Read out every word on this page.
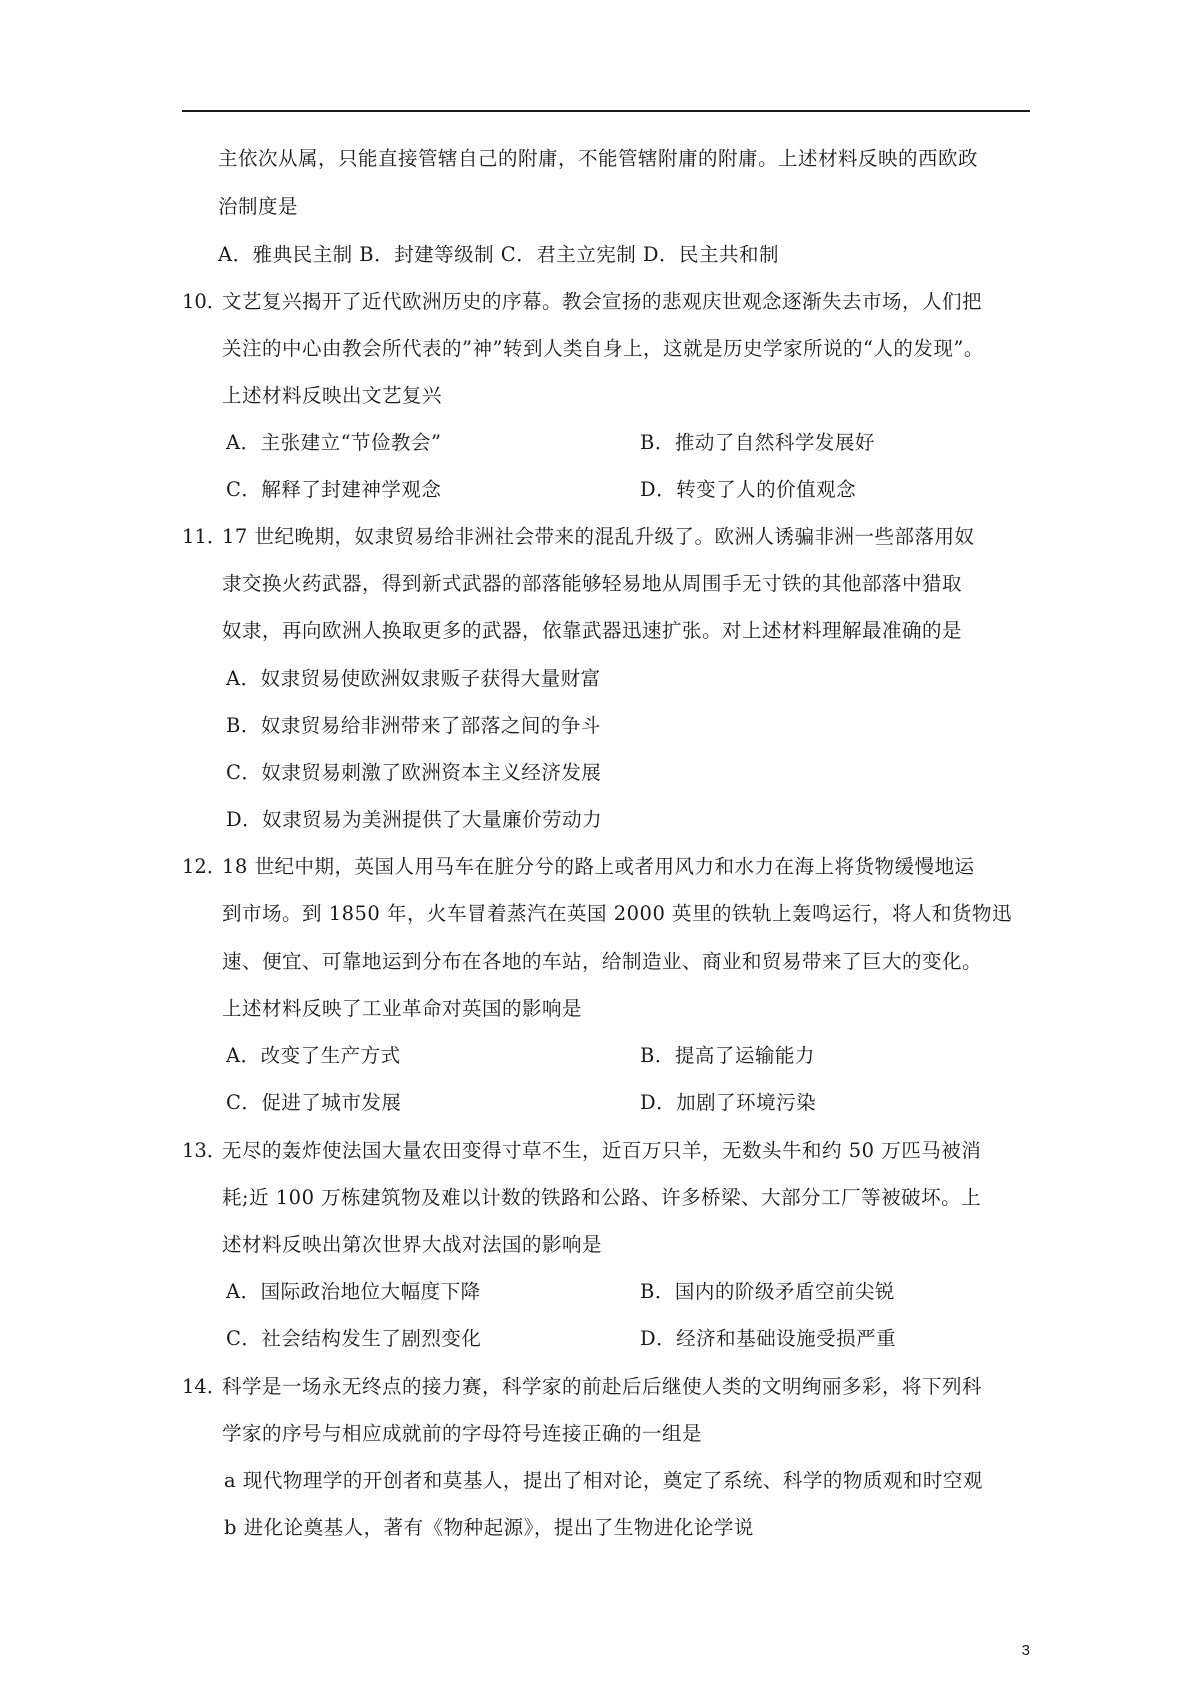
主依次从属，只能直接管辖自己的附庸，不能管辖附庸的附庸。上述材料反映的西欧政
治制度是
A．雅典民主制 B．封建等级制 C．君主立宪制 D．民主共和制
10．
文艺复兴揭开了近代欧洲历史的序幕。教会宣扬的悲观庆世观念逐渐失去市场，人们把
关注的中心由教会所代表的”神”转到人类自身上，这就是历史学家所说的“人的发现”。
上述材料反映出文艺复兴
A．主张建立“节俭教会”	B．推动了自然科学发展好
C．解释了封建神学观念	D．转变了人的价值观念
11．
17 世纪晚期，奴隶贸易给非洲社会带来的混乱升级了。欧洲人诱骗非洲一些部落用奴
隶交换火药武器，得到新式武器的部落能够轻易地从周围手无寸铁的其他部落中猎取
奴隶，再向欧洲人换取更多的武器，依靠武器迅速扩张。对上述材料理解最准确的是
A．奴隶贸易使欧洲奴隶贩子获得大量财富
B．奴隶贸易给非洲带来了部落之间的争斗
C．奴隶贸易刺激了欧洲资本主义经济发展
D．奴隶贸易为美洲提供了大量廉价劳动力
12．
18 世纪中期，英国人用马车在脏分兮的路上或者用风力和水力在海上将货物缓慢地运
到市场。到 1850 年，火车冒着蒸汽在英国 2000 英里的铁轨上轰鸣运行，将人和货物迅
速、便宜、可靠地运到分布在各地的车站，给制造业、商业和贸易带来了巨大的变化。
上述材料反映了工业革命对英国的影响是
A．改变了生产方式	B．提高了运输能力
C．促进了城市发展	D．加剧了环境污染
13．
无尽的轰炸使法国大量农田变得寸草不生，近百万只羊，无数头牛和约 50 万匹马被消
耗;近 100 万栋建筑物及难以计数的铁路和公路、许多桥梁、大部分工厂等被破坏。上
述材料反映出第次世界大战对法国的影响是
A．国际政治地位大幅度下降	B．国内的阶级矛盾空前尖锐
C．社会结构发生了剧烈变化	D．经济和基础设施受损严重
14．
科学是一场永无终点的接力赛，科学家的前赴后后继使人类的文明绚丽多彩，将下列科
学家的序号与相应成就前的字母符号连接正确的一组是
a 现代物理学的开创者和莫基人，提出了相对论，奠定了系统、科学的物质观和时空观
b 进化论奠基人，著有《物种起源》，提出了生物进化论学说
3
